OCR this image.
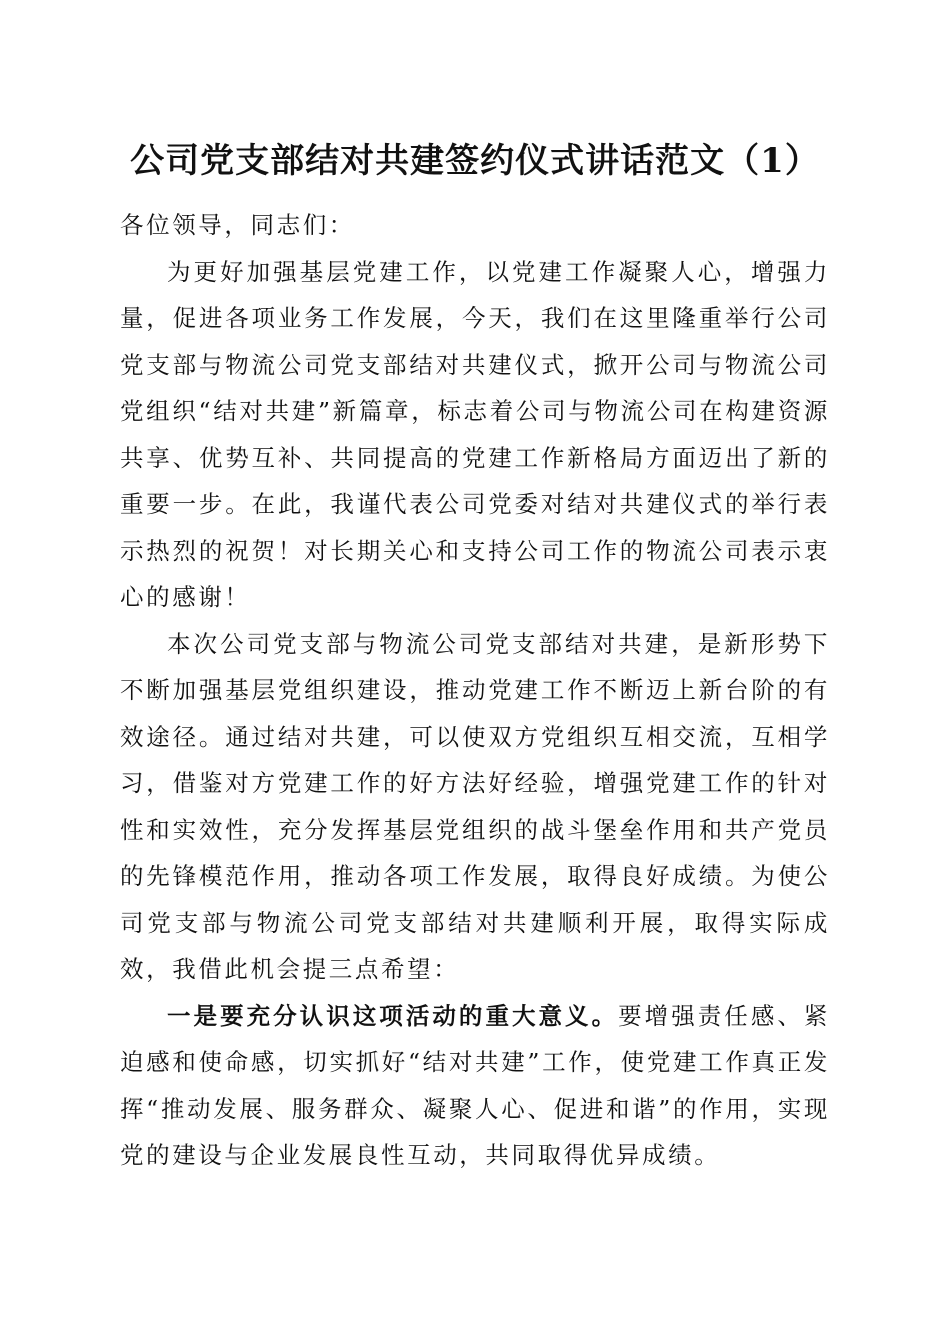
公司党支部结对共建签约仪式讲话范文（1）

各位领导，同志们：

为更好加强基层党建工作，以党建工作凝聚人心，增强力量，促进各项业务工作发展，今天，我们在这里隆重举行公司党支部与物流公司党支部结对共建仪式，掀开公司与物流公司党组织“结对共建”新篇章，标志着公司与物流公司在构建资源共享、优势互补、共同提高的党建工作新格局方面迈出了新的重要一步。在此，我谨代表公司党委对结对共建仪式的举行表示热烈的祝贺！对长期关心和支持公司工作的物流公司表示衷心的感谢！

本次公司党支部与物流公司党支部结对共建，是新形势下不断加强基层党组织建设，推动党建工作不断迈上新台阶的有效途径。通过结对共建，可以使双方党组织互相交流，互相学习，借鉴对方党建工作的好方法好经验，增强党建工作的针对性和实效性，充分发挥基层党组织的战斗堡垒作用和共产党员的先锋模范作用，推动各项工作发展，取得良好成绩。为使公司党支部与物流公司党支部结对共建顺利开展，取得实际成效，我借此机会提三点希望：

一是要充分认识这项活动的重大意义。要增强责任感、紧迫感和使命感，切实抓好“结对共建”工作，使党建工作真正发挥“推动发展、服务群众、凝聚人心、促进和谐”的作用，实现党的建设与企业发展良性互动，共同取得优异成绩。
